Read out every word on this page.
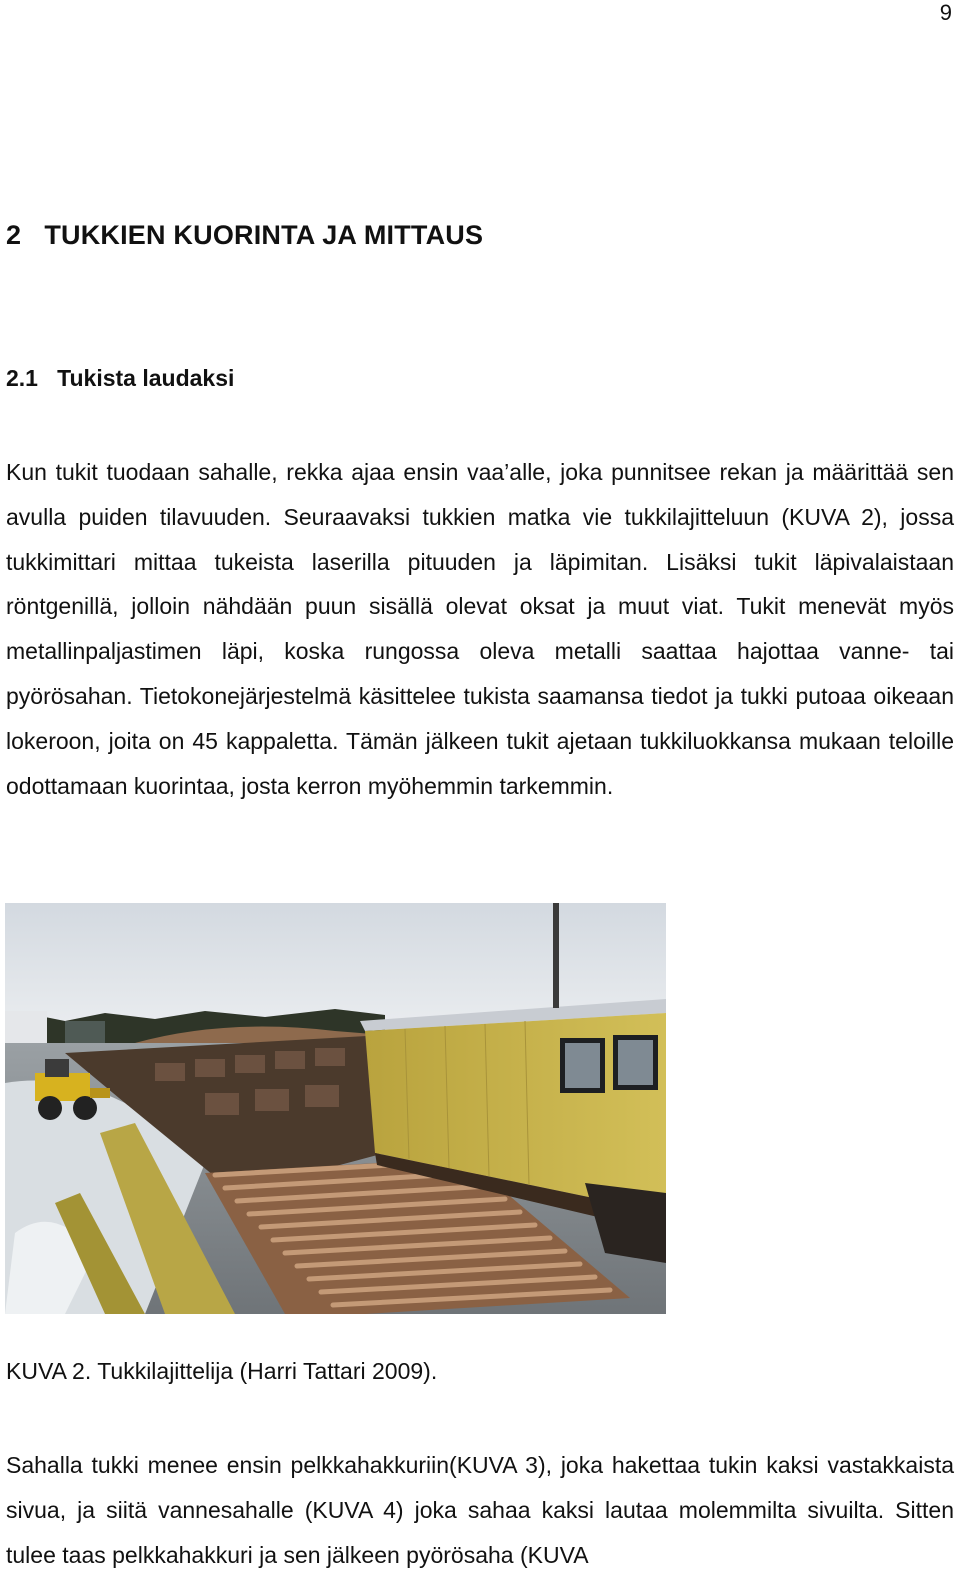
9
2   TUKKIEN KUORINTA JA MITTAUS
2.1   Tukista laudaksi

Kun tukit tuodaan sahalle, rekka ajaa ensin vaa’alle, joka punnitsee rekan ja määrittää sen avulla puiden tilavuuden. Seuraavaksi tukkien matka vie tukkilajitteluun (KUVA 2), jossa tukkimittari mittaa tukeista laserilla pituuden ja läpimitan. Lisäksi tukit läpivalaistaan röntgenillä, jolloin nähdään puun sisällä olevat oksat ja muut viat. Tukit menevät myös metallinpaljastimen läpi, koska rungossa oleva metalli saattaa hajottaa vanne- tai pyörösahan. Tietokonejärjestelmä käsittelee tukista saamansa tiedot ja tukki putoaa oikeaan lokeroon, joita on 45 kappaletta. Tämän jälkeen tukit ajetaan tukkiluokkansa mukaan teloille odottamaan kuorintaa, josta kerron myöhemmin tarkemmin.

KUVA 2. Tukkilajittelija (Harri Tattari 2009).

Sahalla tukki menee ensin pelkkahakkuriin(KUVA 3), joka hakettaa tukin kaksi vastakkaista sivua, ja siitä vannesahalle (KUVA 4) joka sahaa kaksi lautaa molemmilta sivuilta. Sitten tulee taas pelkkahakkuri ja sen jälkeen pyörösaha (KUVA
